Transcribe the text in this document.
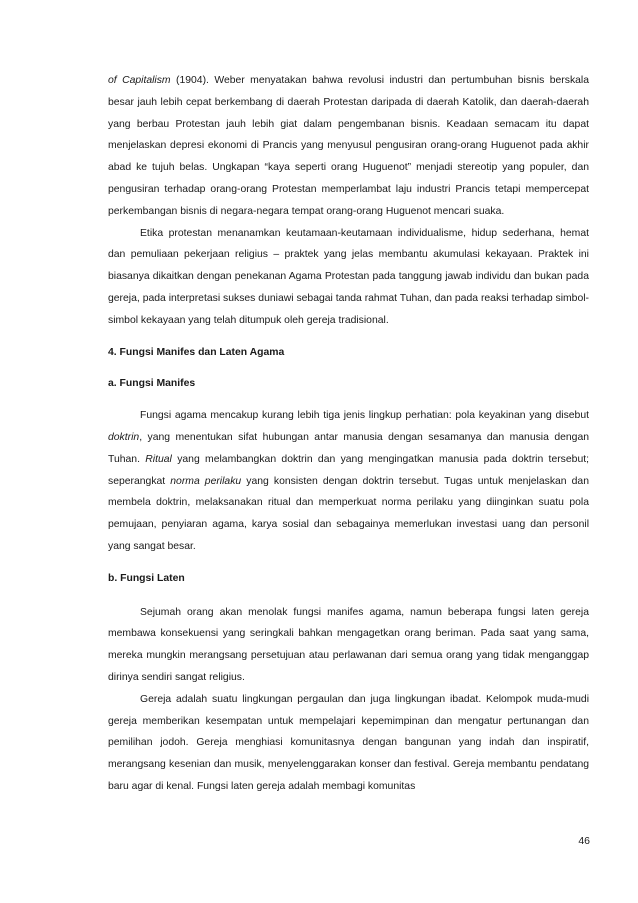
of Capitalism (1904). Weber menyatakan bahwa revolusi industri dan pertumbuhan bisnis berskala besar jauh lebih cepat berkembang di daerah Protestan daripada di daerah Katolik, dan daerah-daerah yang berbau Protestan jauh lebih giat dalam pengembanan bisnis. Keadaan semacam itu dapat menjelaskan depresi ekonomi di Prancis yang menyusul pengusiran orang-orang Huguenot pada akhir abad ke tujuh belas. Ungkapan “kaya seperti orang Huguenot” menjadi stereotip yang populer, dan pengusiran terhadap orang-orang Protestan memperlambat laju industri Prancis tetapi mempercepat perkembangan bisnis di negara-negara tempat orang-orang Huguenot mencari suaka.

Etika protestan menanamkan keutamaan-keutamaan individualisme, hidup sederhana, hemat dan pemuliaan pekerjaan religius – praktek yang jelas membantu akumulasi kekayaan. Praktek ini biasanya dikaitkan dengan penekanan Agama Protestan pada tanggung jawab individu dan bukan pada gereja, pada interpretasi sukses duniawi sebagai tanda rahmat Tuhan, dan pada reaksi terhadap simbol-simbol kekayaan yang telah ditumpuk oleh gereja tradisional.

4. Fungsi Manifes dan Laten Agama

a. Fungsi Manifes

Fungsi agama mencakup kurang lebih tiga jenis lingkup perhatian: pola keyakinan yang disebut doktrin, yang menentukan sifat hubungan antar manusia dengan sesamanya dan manusia dengan Tuhan. Ritual yang melambangkan doktrin dan yang mengingatkan manusia pada doktrin tersebut; seperangkat norma perilaku yang konsisten dengan doktrin tersebut. Tugas untuk menjelaskan dan membela doktrin, melaksanakan ritual dan memperkuat norma perilaku yang diinginkan suatu pola pemujaan, penyiaran agama, karya sosial dan sebagainya memerlukan investasi uang dan personil yang sangat besar.

b. Fungsi Laten

Sejumah orang akan menolak fungsi manifes agama, namun beberapa fungsi laten gereja membawa konsekuensi yang seringkali bahkan mengagetkan orang beriman. Pada saat yang sama, mereka mungkin merangsang persetujuan atau perlawanan dari semua orang yang tidak menganggap dirinya sendiri sangat religius.

Gereja adalah suatu lingkungan pergaulan dan juga lingkungan ibadat. Kelompok muda-mudi gereja memberikan kesempatan untuk mempelajari kepemimpinan dan mengatur pertunangan dan pemilihan jodoh. Gereja menghiasi komunitasnya dengan bangunan yang indah dan inspiratif, merangsang kesenian dan musik, menyelenggarakan konser dan festival. Gereja membantu pendatang baru agar di kenal. Fungsi laten gereja adalah membagi komunitas

46
